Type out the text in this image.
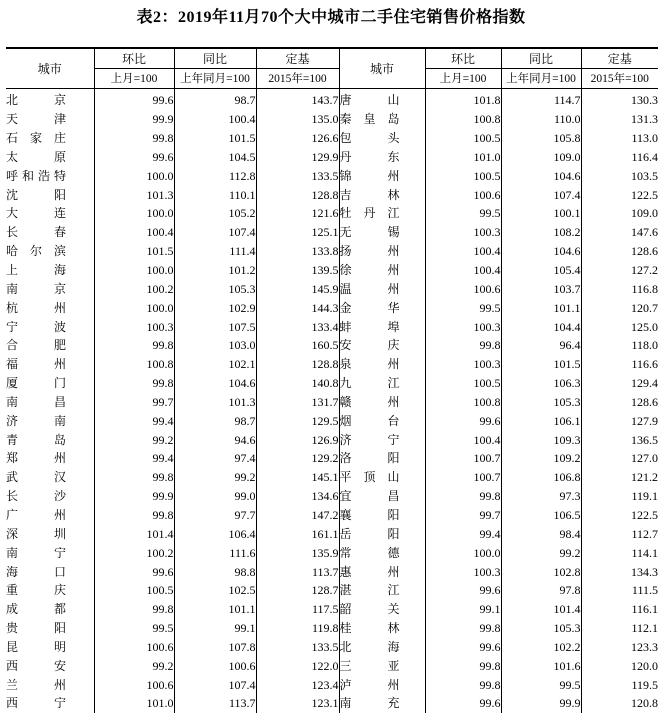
表2：2019年11月70个大中城市二手住宅销售价格指数
城市	环比	同比	定基	城市	环比	同比	定基
	上月=100	上年同月=100	2015年=100		上月=100	上年同月=100	2015年=100
北　京	99.6	98.7	143.7	唐　山	101.8	114.7	130.3
天　津	99.9	100.4	135.0	秦皇岛	100.8	110.0	131.3
石家庄	99.8	101.5	126.6	包　头	100.5	105.8	113.0
太　原	99.6	104.5	129.9	丹　东	101.0	109.0	116.4
呼和浩特	100.0	112.8	133.5	锦　州	100.5	104.6	103.5
沈　阳	101.3	110.1	128.8	吉　林	100.6	107.4	122.5
大　连	100.0	105.2	121.6	牡丹江	99.5	100.1	109.0
长　春	100.4	107.4	125.1	无　锡	100.3	108.2	147.6
哈尔滨	101.5	111.4	133.8	扬　州	100.4	104.6	128.6
上　海	100.0	101.2	139.5	徐　州	100.4	105.4	127.2
南　京	100.2	105.3	145.9	温　州	100.6	103.7	116.8
杭　州	100.0	102.9	144.3	金　华	99.5	101.1	120.7
宁　波	100.3	107.5	133.4	蚌　埠	100.3	104.4	125.0
合　肥	99.8	103.0	160.5	安　庆	99.8	96.4	118.0
福　州	100.8	102.1	128.8	泉　州	100.3	101.5	116.6
厦　门	99.8	104.6	140.8	九　江	100.5	106.3	129.4
南　昌	99.7	101.3	131.7	赣　州	100.8	105.3	128.6
济　南	99.4	98.7	129.5	烟　台	99.6	106.1	127.9
青　岛	99.2	94.6	126.9	济　宁	100.4	109.3	136.5
郑　州	99.4	97.4	129.2	洛　阳	100.7	109.2	127.0
武　汉	99.8	99.2	145.1	平顶山	100.7	106.8	121.2
长　沙	99.9	99.0	134.6	宜　昌	99.8	97.3	119.1
广　州	99.8	97.7	147.2	襄　阳	99.7	106.5	122.5
深　圳	101.4	106.4	161.1	岳　阳	99.4	98.4	112.7
南　宁	100.2	111.6	135.9	常　德	100.0	99.2	114.1
海　口	99.6	98.8	113.7	惠　州	100.3	102.8	134.3
重　庆	100.5	102.5	128.7	湛　江	99.6	97.8	111.5
成　都	99.8	101.1	117.5	韶　关	99.1	101.4	116.1
贵　阳	99.5	99.1	119.8	桂　林	99.8	105.3	112.1
昆　明	100.6	107.8	133.5	北　海	99.6	102.2	123.3
西　安	99.2	100.6	122.0	三　亚	99.8	101.6	120.0
兰　州	100.6	107.4	123.4	泸　州	99.8	99.5	119.5
西　宁	101.0	113.7	123.1	南　充	99.6	99.9	120.8
